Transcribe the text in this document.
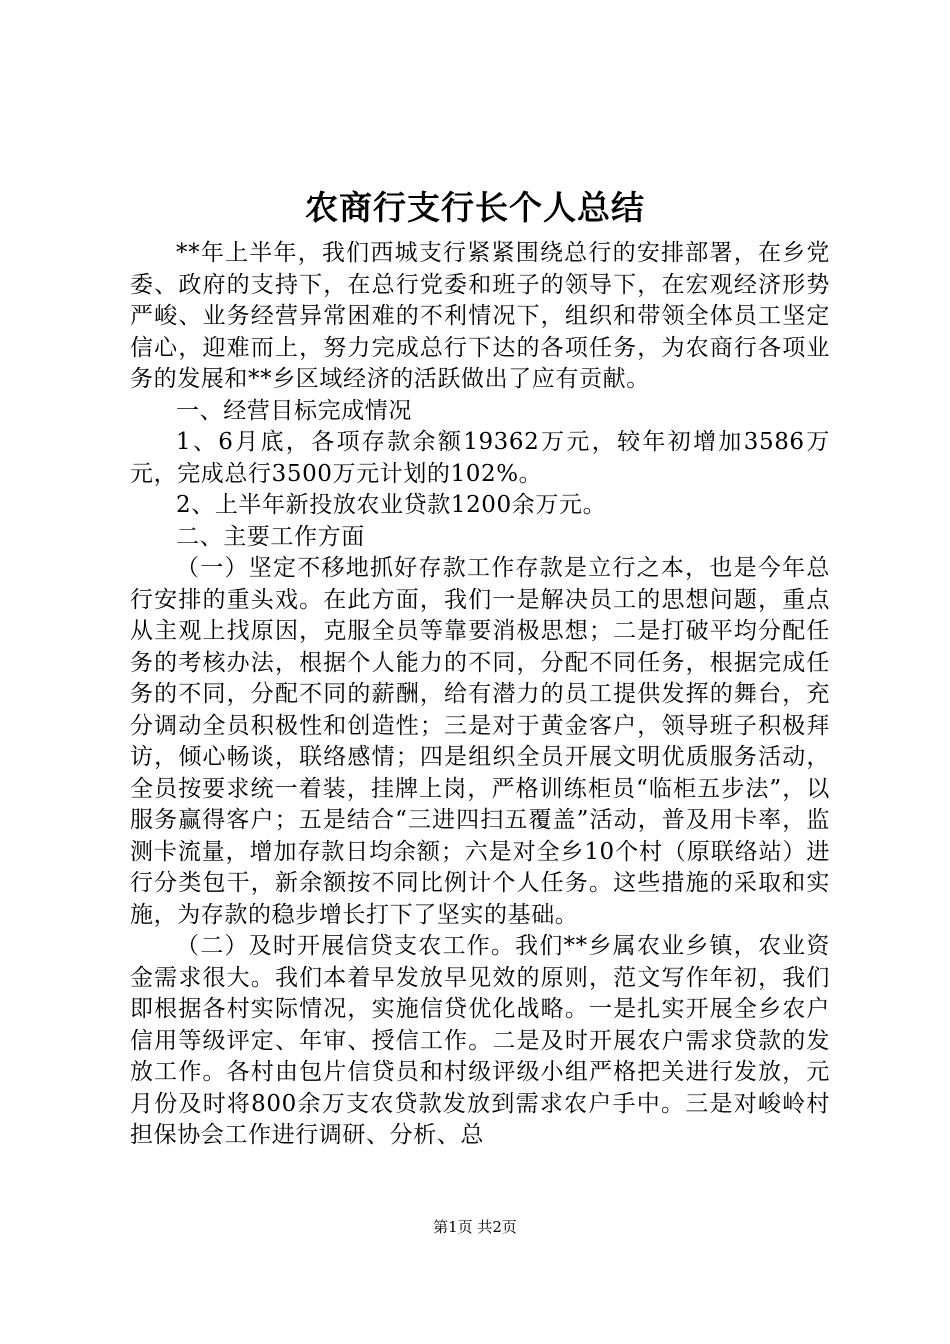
农商行支行长个人总结

**年上半年，我们西城支行紧紧围绕总行的安排部署，在乡党委、政府的支持下，在总行党委和班子的领导下，在宏观经济形势严峻、业务经营异常困难的不利情况下，组织和带领全体员工坚定信心，迎难而上，努力完成总行下达的各项任务，为农商行各项业务的发展和**乡区域经济的活跃做出了应有贡献。

一、经营目标完成情况

1、6月底，各项存款余额19362万元，较年初增加3586万元，完成总行3500万元计划的102%。

2、上半年新投放农业贷款1200余万元。

二、主要工作方面

（一）坚定不移地抓好存款工作存款是立行之本，也是今年总行安排的重头戏。在此方面，我们一是解决员工的思想问题，重点从主观上找原因，克服全员等靠要消极思想；二是打破平均分配任务的考核办法，根据个人能力的不同，分配不同任务，根据完成任务的不同，分配不同的薪酬，给有潜力的员工提供发挥的舞台，充分调动全员积极性和创造性；三是对于黄金客户，领导班子积极拜访，倾心畅谈，联络感情；四是组织全员开展文明优质服务活动，全员按要求统一着装，挂牌上岗，严格训练柜员“临柜五步法”，以服务赢得客户；五是结合“三进四扫五覆盖”活动，普及用卡率，监测卡流量，增加存款日均余额；六是对全乡10个村（原联络站）进行分类包干，新余额按不同比例计个人任务。这些措施的采取和实施，为存款的稳步增长打下了坚实的基础。

（二）及时开展信贷支农工作。我们**乡属农业乡镇，农业资金需求很大。我们本着早发放早见效的原则，范文写作年初，我们即根据各村实际情况，实施信贷优化战略。一是扎实开展全乡农户信用等级评定、年审、授信工作。二是及时开展农户需求贷款的发放工作。各村由包片信贷员和村级评级小组严格把关进行发放，元月份及时将800余万支农贷款发放到需求农户手中。三是对峻岭村担保协会工作进行调研、分析、总

第1页 共2页
